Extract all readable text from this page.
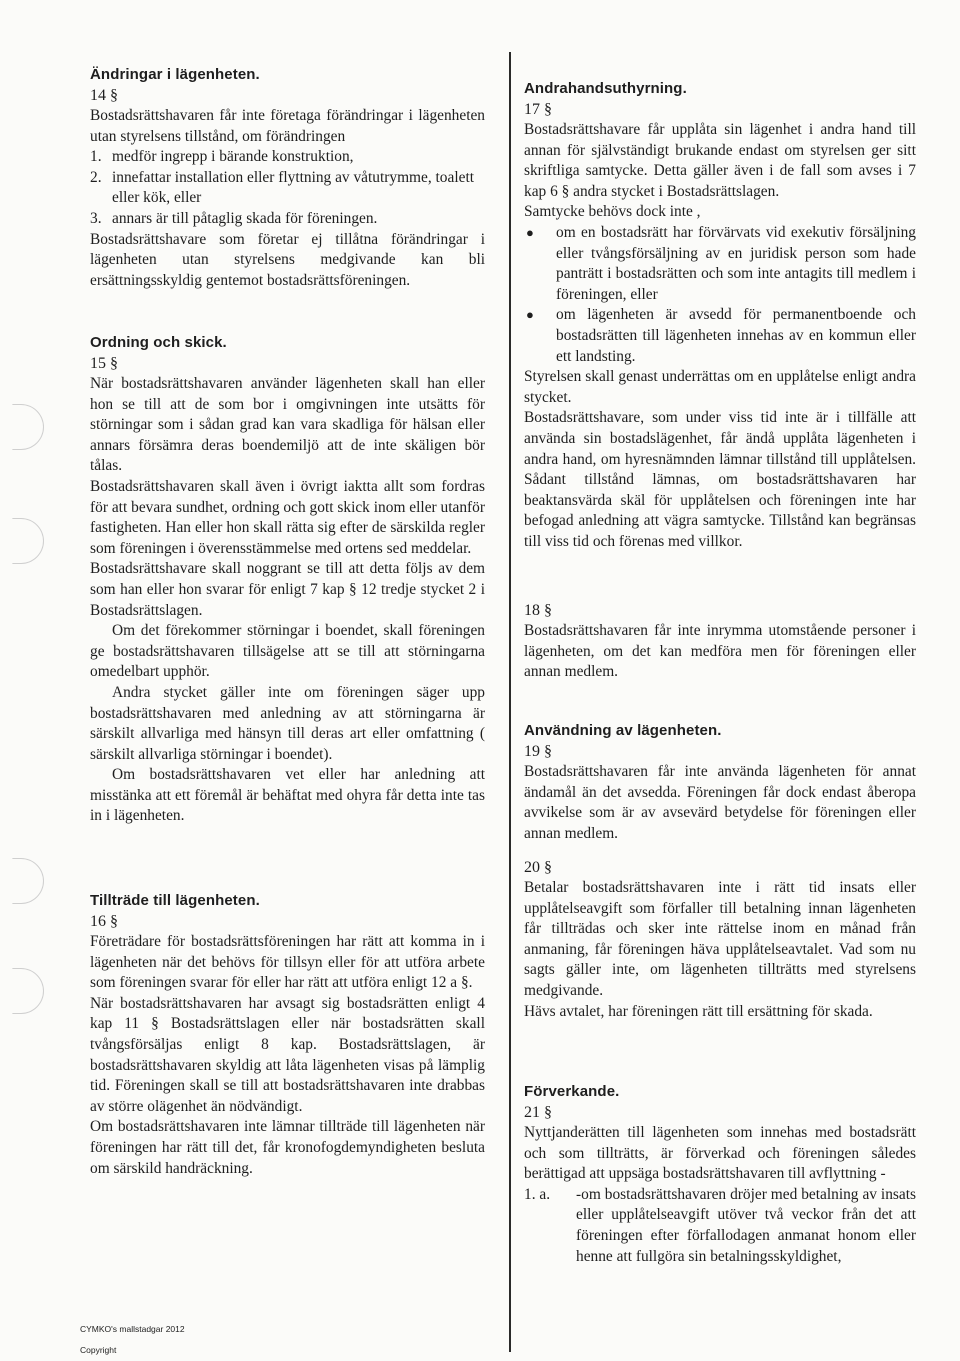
Ändringar i lägenheten.

14 §

Bostadsrättshavaren får inte företaga förändringar i lägenheten utan styrelsens tillstånd, om förändringen

1. medför ingrepp i bärande konstruktion,
2. innefattar installation eller flyttning av våtutrymme, toalett eller kök, eller
3. annars är till påtaglig skada för föreningen.

Bostadsrättshavare som företar ej tillåtna förändringar i lägenheten utan styrelsens medgivande kan bli ersättningsskyldig gentemot bostadsrättsföreningen.

Ordning och skick.

15 §

När bostadsrättshavaren använder lägenheten skall han eller hon se till att de som bor i omgivningen inte utsätts för störningar som i sådan grad kan vara skadliga för hälsan eller annars försämra deras boendemiljö att de inte skäligen bör tålas.

Bostadsrättshavaren skall även i övrigt iaktta allt som fordras för att bevara sundhet, ordning och gott skick inom eller utanför fastigheten. Han eller hon skall rätta sig efter de särskilda regler som föreningen i överensstämmelse med ortens sed meddelar.

Bostadsrättshavare skall noggrant se till att detta följs av dem som han eller hon svarar för enligt 7 kap § 12 tredje stycket 2 i Bostadsrättslagen.

Om det förekommer störningar i boendet, skall föreningen ge bostadsrättshavaren tillsägelse att se till att störningarna omedelbart upphör.

Andra stycket gäller inte om föreningen säger upp bostadsrättshavaren med anledning av att störningarna är särskilt allvarliga med hänsyn till deras art eller omfattning ( särskilt allvarliga störningar i boendet).

Om bostadsrättshavaren vet eller har anledning att misstänka att ett föremål är behäftat med ohyra får detta inte tas in i lägenheten.

Tillträde till lägenheten.

16 §

Företrädare för bostadsrättsföreningen har rätt att komma in i lägenheten när det behövs för tillsyn eller för att utföra arbete som föreningen svarar för eller har rätt att utföra enligt 12 a §.

När bostadsrättshavaren har avsagt sig bostadsrätten enligt 4 kap 11 § Bostadsrättslagen eller när bostadsrätten skall tvångsförsäljas enligt 8 kap. Bostadsrättslagen, är bostadsrättshavaren skyldig att låta lägenheten visas på lämplig tid. Föreningen skall se till att bostadsrättshavaren inte drabbas av större olägenhet än nödvändigt.

Om bostadsrättshavaren inte lämnar tillträde till lägenheten när föreningen har rätt till det, får kronofogdemyndigheten besluta om särskild handräckning.

Andrahandsuthyrning.

17 §

Bostadsrättshavare får upplåta sin lägenhet i andra hand till annan för självständigt brukande endast om styrelsen ger sitt skriftliga samtycke. Detta gäller även i de fall som avses i 7 kap 6 § andra stycket i Bostadsrättslagen.

Samtycke behövs dock inte ,

●	om en bostadsrätt har förvärvats vid exekutiv försäljning eller tvångsförsäljning av en juridisk person som hade panträtt i bostadsrätten och som inte antagits till medlem i föreningen, eller
●	om lägenheten är avsedd för permanentboende och bostadsrätten till lägenheten innehas av en kommun eller ett landsting.

Styrelsen skall genast underrättas om en upplåtelse enligt andra stycket.

Bostadsrättshavare, som under viss tid inte är i tillfälle att använda sin bostadslägenhet, får ändå upplåta lägenheten i andra hand, om hyresnämnden lämnar tillstånd till upplåtelsen. Sådant tillstånd lämnas, om bostadsrättshavaren har beaktansvärda skäl för upplåtelsen och föreningen inte har befogad anledning att vägra samtycke. Tillstånd kan begränsas till viss tid och förenas med villkor.

18 §

Bostadsrättshavaren får inte inrymma utomstående personer i lägenheten, om det kan medföra men för föreningen eller annan medlem.

Användning av lägenheten.

19 §

Bostadsrättshavaren får inte använda lägenheten för annat ändamål än det avsedda. Föreningen får dock endast åberopa avvikelse som är av avsevärd betydelse för föreningen eller annan medlem.

20 §

Betalar bostadsrättshavaren inte i rätt tid insats eller upplåtelseavgift som förfaller till betalning innan lägenheten får tillträdas och sker inte rättelse inom en månad från anmaning, får föreningen häva upplåtelseavtalet. Vad som nu sagts gäller inte, om lägenheten tillträtts med styrelsens medgivande.

Hävs avtalet, har föreningen rätt till ersättning för skada.

Förverkande.

21 §

Nyttjanderätten till lägenheten som innehas med bostadsrätt och som tillträtts, är förverkad och föreningen således berättigad att uppsäga bostadsrättshavaren till avflyttning -

1. a.	-om bostadsrättshavaren dröjer med betalning av insats eller upplåtelseavgift utöver två veckor från det att föreningen efter förfallodagen anmanat honom eller henne att fullgöra sin betalningsskyldighet,
CYMKO's mallstadgar 2012
Copyright
